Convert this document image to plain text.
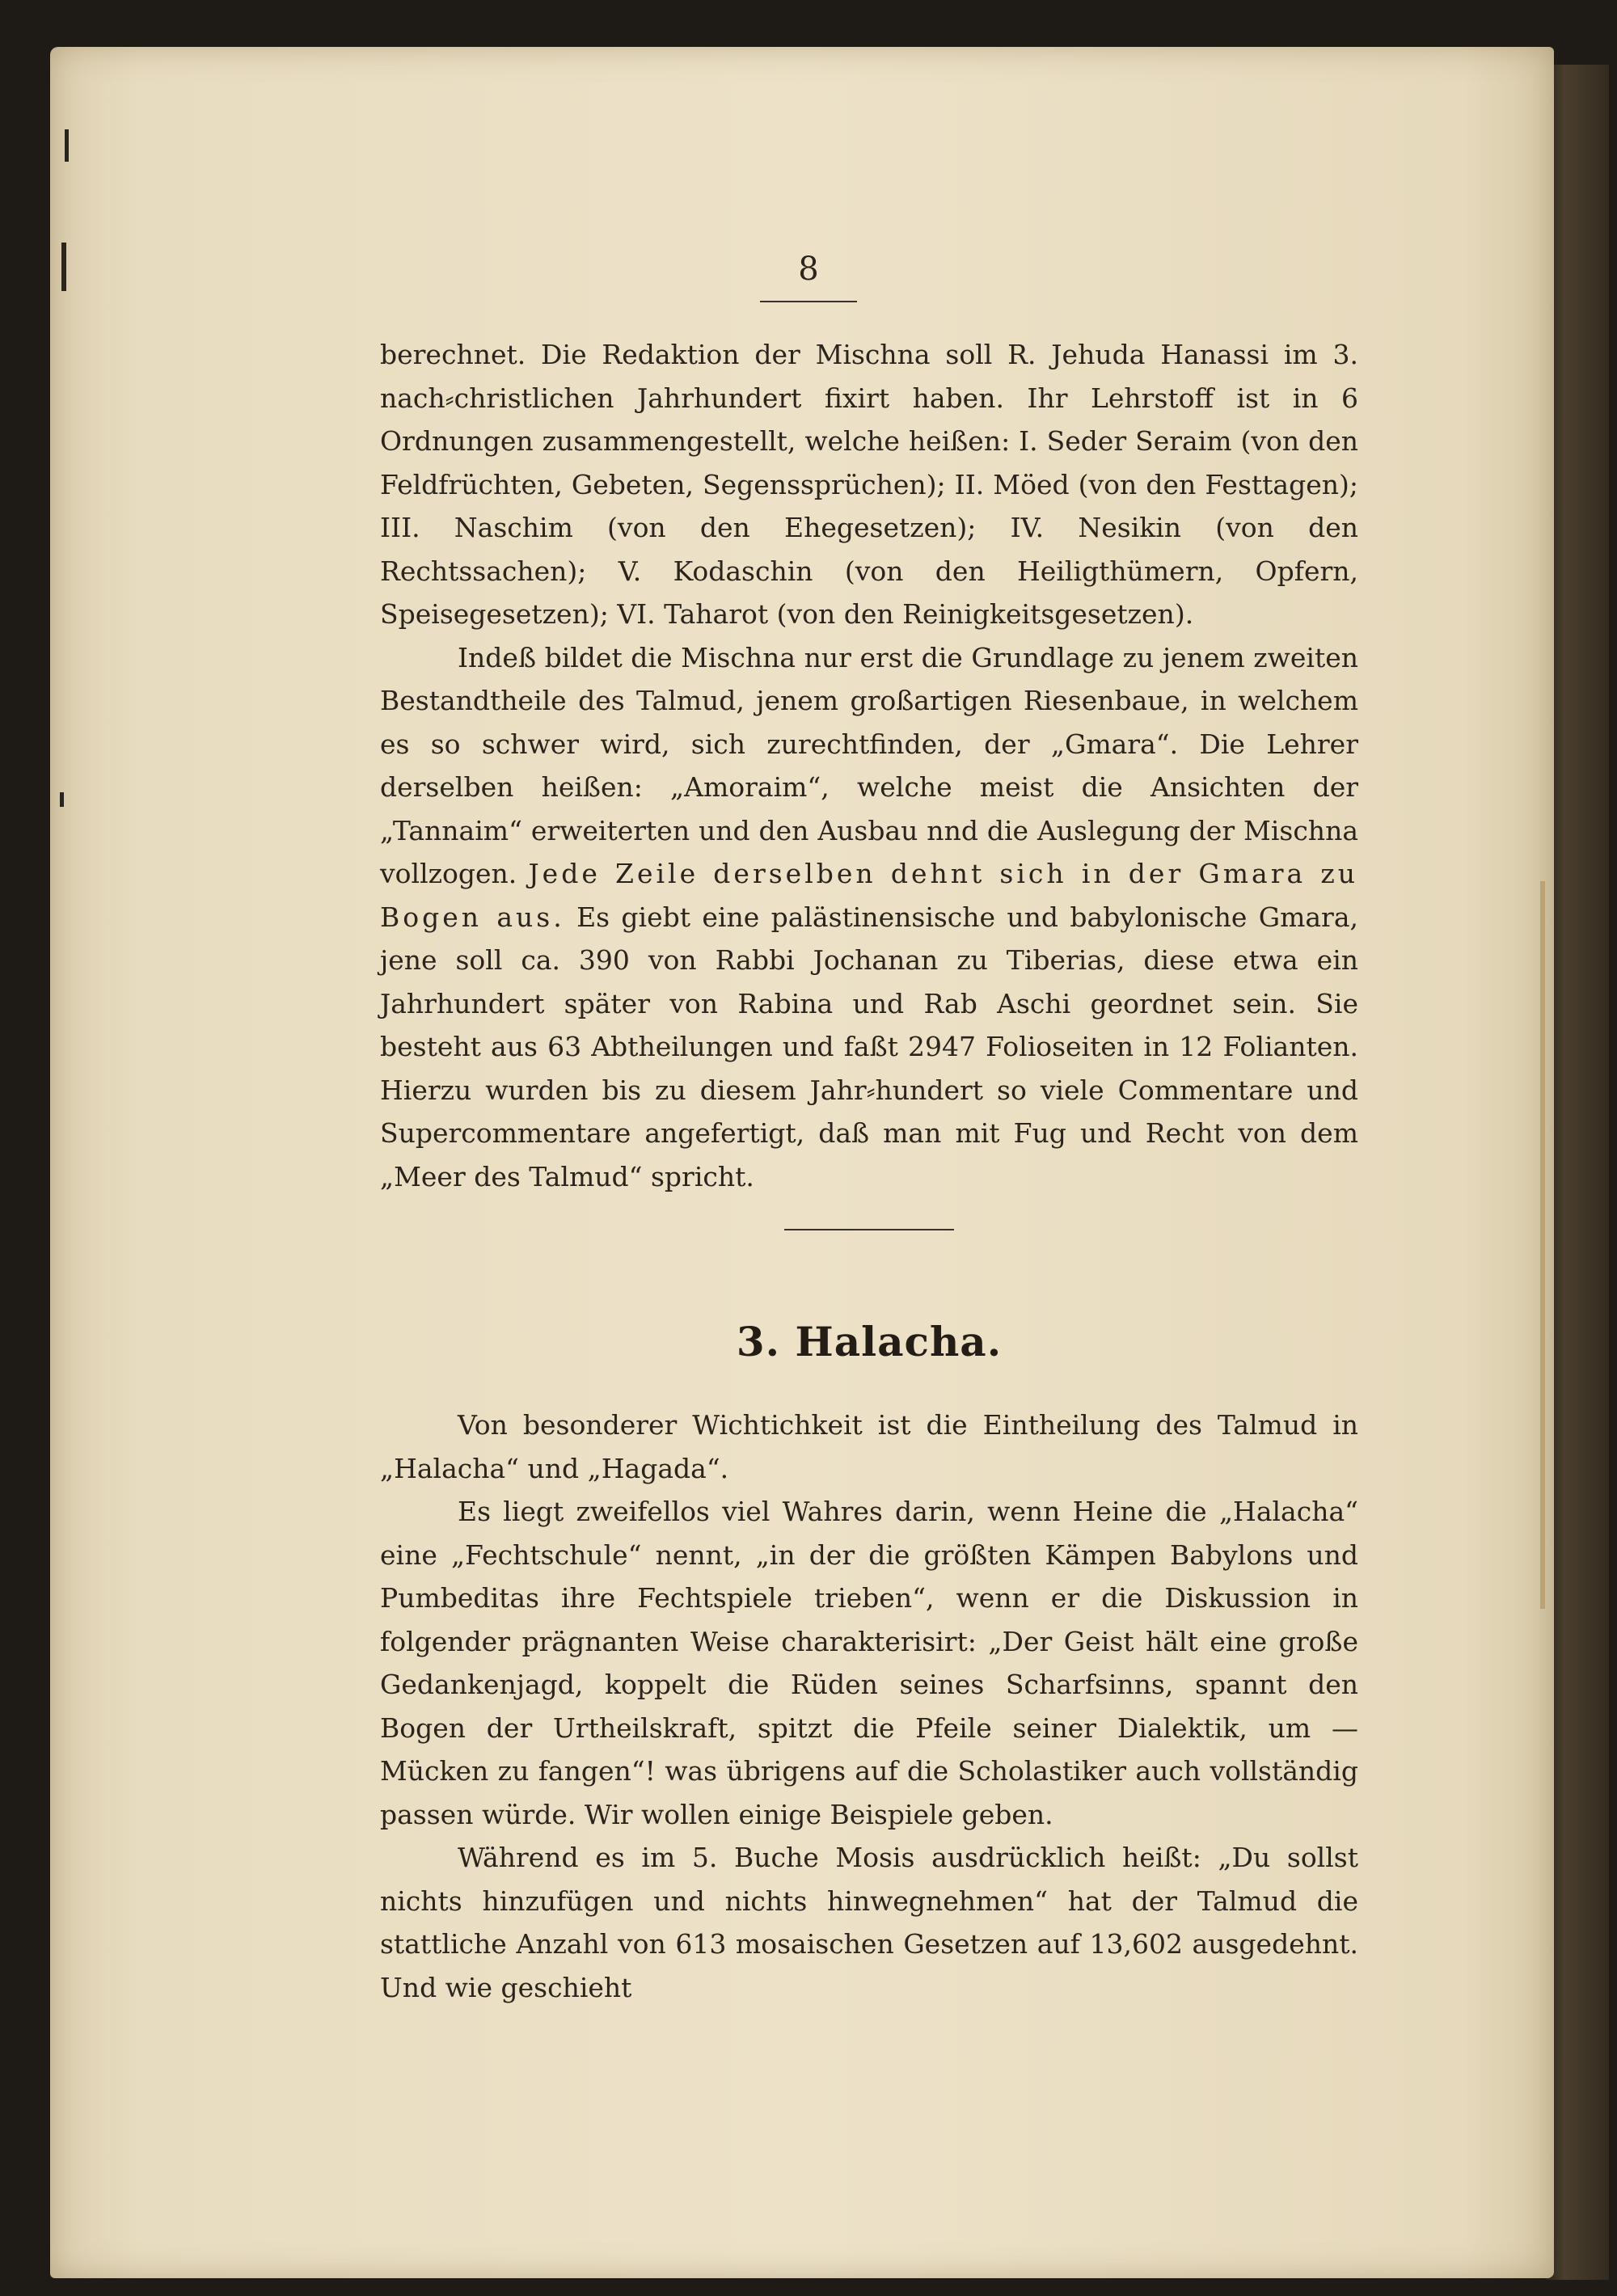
8

berechnet. Die Redaktion der Mischna soll R. Jehuda Hanassi im 3. nach⸗christlichen Jahrhundert fixirt haben. Ihr Lehrstoff ist in 6 Ordnungen zusammengestellt, welche heißen: I. Seder Seraim (von den Feldfrüchten, Gebeten, Segenssprüchen); II. Möed (von den Festtagen); III. Naschim (von den Ehegesetzen); IV. Nesikin (von den Rechtssachen); V. Kodaschin (von den Heiligthümern, Opfern, Speisegesetzen); VI. Taharot (von den Reinigkeitsgesetzen).

Indeß bildet die Mischna nur erst die Grundlage zu jenem zweiten Bestandtheile des Talmud, jenem großartigen Riesenbaue, in welchem es so schwer wird, sich zurechtfinden, der „Gmara“. Die Lehrer derselben heißen: „Amoraim“, welche meist die Ansichten der „Tannaim“ erweiterten und den Ausbau nnd die Auslegung der Mischna vollzogen. Jede Zeile derselben dehnt sich in der Gmara zu Bogen aus. Es giebt eine palästinensische und babylonische Gmara, jene soll ca. 390 von Rabbi Jochanan zu Tiberias, diese etwa ein Jahrhundert später von Rabina und Rab Aschi geordnet sein. Sie besteht aus 63 Abtheilungen und faßt 2947 Folioseiten in 12 Folianten. Hierzu wurden bis zu diesem Jahr⸗hundert so viele Commentare und Supercommentare angefertigt, daß man mit Fug und Recht von dem „Meer des Talmud“ spricht.

3. Halacha.

Von besonderer Wichtichkeit ist die Eintheilung des Talmud in „Halacha“ und „Hagada“.

Es liegt zweifellos viel Wahres darin, wenn Heine die „Halacha“ eine „Fechtschule“ nennt, „in der die größten Kämpen Babylons und Pumbeditas ihre Fechtspiele trieben“, wenn er die Diskussion in folgender prägnanten Weise charakterisirt: „Der Geist hält eine große Gedankenjagd, koppelt die Rüden seines Scharfsinns, spannt den Bogen der Urtheilskraft, spitzt die Pfeile seiner Dialektik, um — Mücken zu fangen“! was übrigens auf die Scholastiker auch vollständig passen würde. Wir wollen einige Beispiele geben.

Während es im 5. Buche Mosis ausdrücklich heißt: „Du sollst nichts hinzufügen und nichts hinwegnehmen“ hat der Talmud die stattliche Anzahl von 613 mosaischen Gesetzen auf 13,602 ausgedehnt. Und wie geschieht
